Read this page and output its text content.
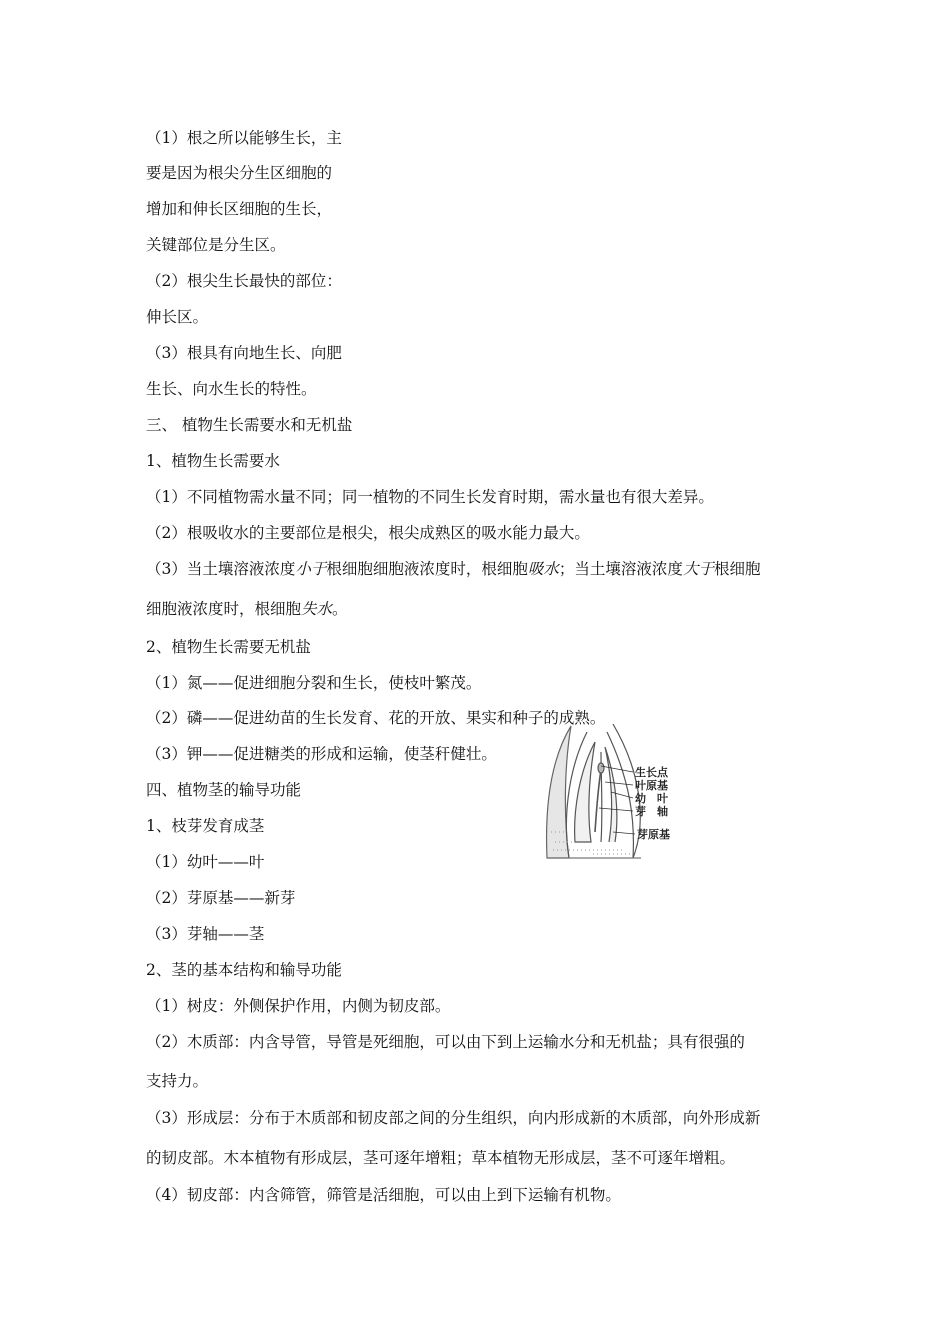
（1）根之所以能够生长，主
要是因为根尖分生区细胞的
增加和伸长区细胞的生长，
关键部位是分生区。
（2）根尖生长最快的部位：
伸长区。
（3）根具有向地生长、向肥
生长、向水生长的特性。
三、 植物生长需要水和无机盐
1、植物生长需要水
（1）不同植物需水量不同；同一植物的不同生长发育时期，需水量也有很大差异。
（2）根吸收水的主要部位是根尖，根尖成熟区的吸水能力最大。
（3）当土壤溶液浓度小于根细胞细胞液浓度时，根细胞吸水；当土壤溶液浓度大于根细胞
细胞液浓度时，根细胞失水。
2、植物生长需要无机盐
（1）氮——促进细胞分裂和生长，使枝叶繁茂。
（2）磷——促进幼苗的生长发育、花的开放、果实和种子的成熟。
（3）钾——促进糖类的形成和运输，使茎秆健壮。
四、植物茎的输导功能
1、枝芽发育成茎
（1）幼叶——叶
（2）芽原基——新芽
（3）芽轴——茎
2、茎的基本结构和输导功能
（1）树皮：外侧保护作用，内侧为韧皮部。
（2）木质部：内含导管，导管是死细胞，可以由下到上运输水分和无机盐；具有很强的
支持力。
（3）形成层：分布于木质部和韧皮部之间的分生组织，向内形成新的木质部，向外形成新
的韧皮部。木本植物有形成层，茎可逐年增粗；草本植物无形成层，茎不可逐年增粗。
（4）韧皮部：内含筛管，筛管是活细胞，可以由上到下运输有机物。
生长点
叶原基
幼　叶
芽　轴
芽原基
